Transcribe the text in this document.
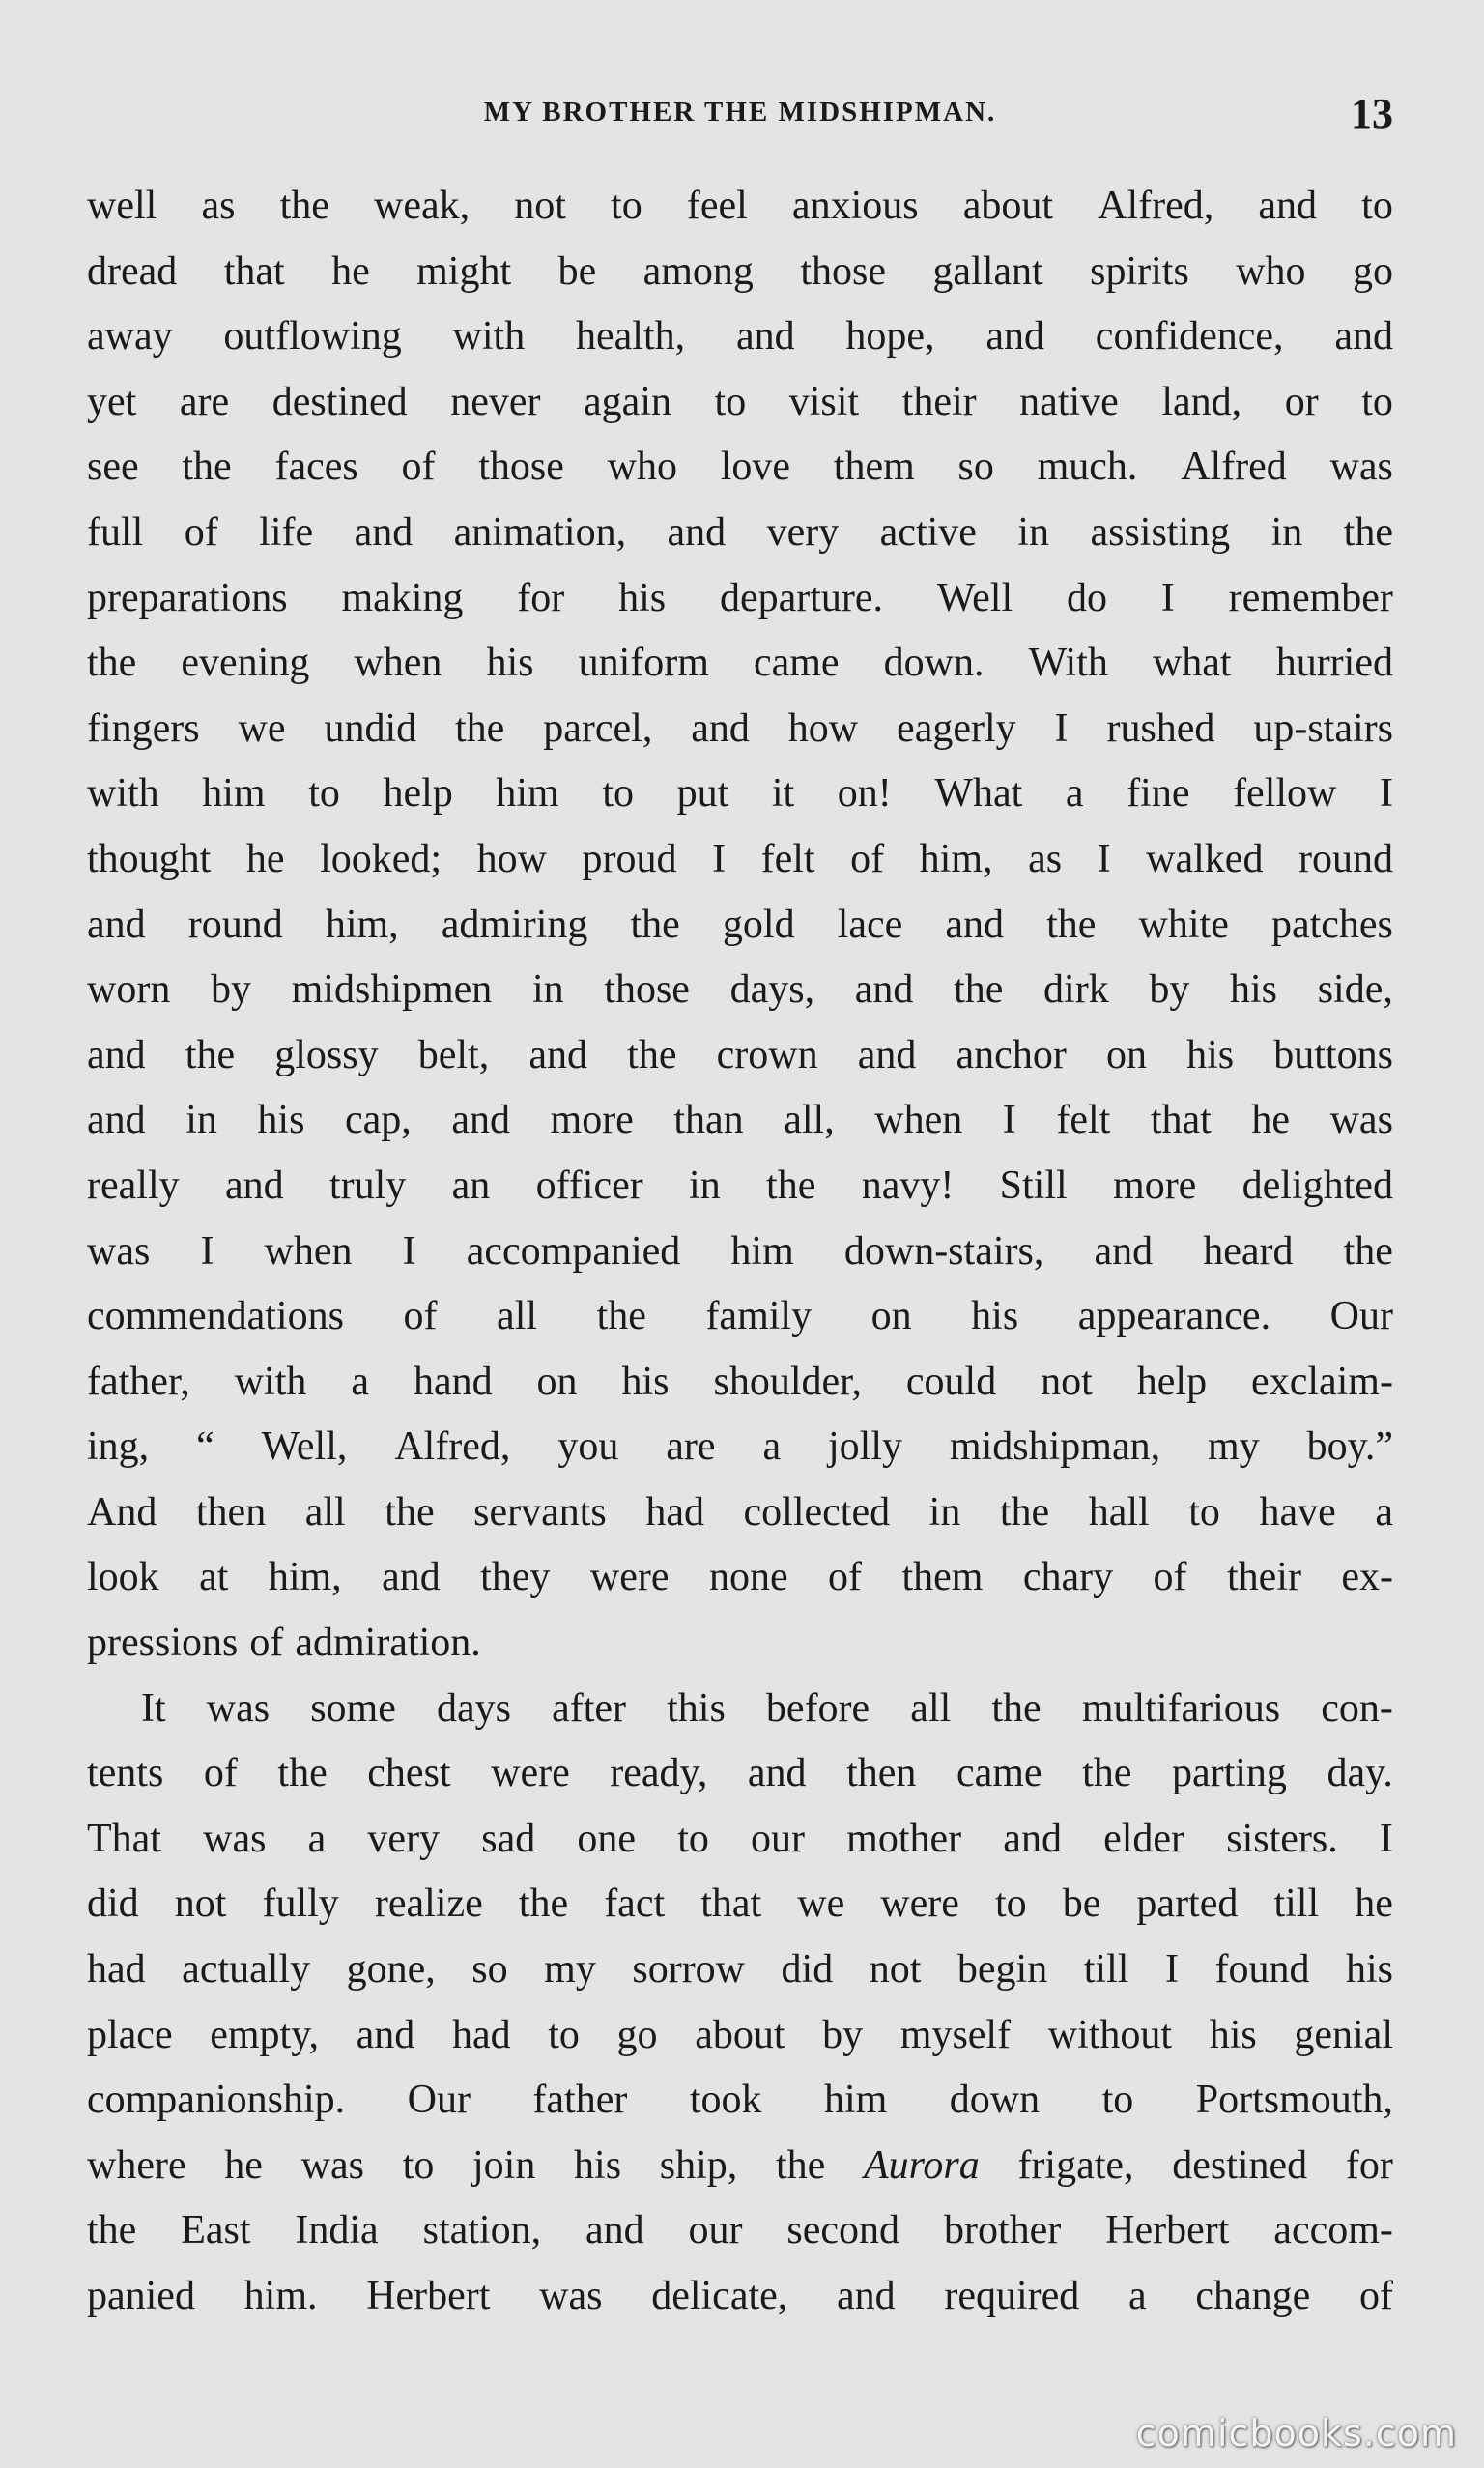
MY BROTHER THE MIDSHIPMAN.	13
well as the weak, not to feel anxious about Alfred, and to
dread that he might be among those gallant spirits who go
away outflowing with health, and hope, and confidence, and
yet are destined never again to visit their native land, or to
see the faces of those who love them so much. Alfred was
full of life and animation, and very active in assisting in the
preparations making for his departure. Well do I remember
the evening when his uniform came down. With what hurried
fingers we undid the parcel, and how eagerly I rushed up-stairs
with him to help him to put it on! What a fine fellow I
thought he looked; how proud I felt of him, as I walked round
and round him, admiring the gold lace and the white patches
worn by midshipmen in those days, and the dirk by his side,
and the glossy belt, and the crown and anchor on his buttons
and in his cap, and more than all, when I felt that he was
really and truly an officer in the navy! Still more delighted
was I when I accompanied him down-stairs, and heard the
commendations of all the family on his appearance. Our
father, with a hand on his shoulder, could not help exclaim-
ing, “ Well, Alfred, you are a jolly midshipman, my boy.”
And then all the servants had collected in the hall to have a
look at him, and they were none of them chary of their ex-
pressions of admiration.
It was some days after this before all the multifarious con-
tents of the chest were ready, and then came the parting day.
That was a very sad one to our mother and elder sisters. I
did not fully realize the fact that we were to be parted till he
had actually gone, so my sorrow did not begin till I found his
place empty, and had to go about by myself without his genial
companionship. Our father took him down to Portsmouth,
where he was to join his ship, the Aurora frigate, destined for
the East India station, and our second brother Herbert accom-
panied him. Herbert was delicate, and required a change of
comicbooks.com
